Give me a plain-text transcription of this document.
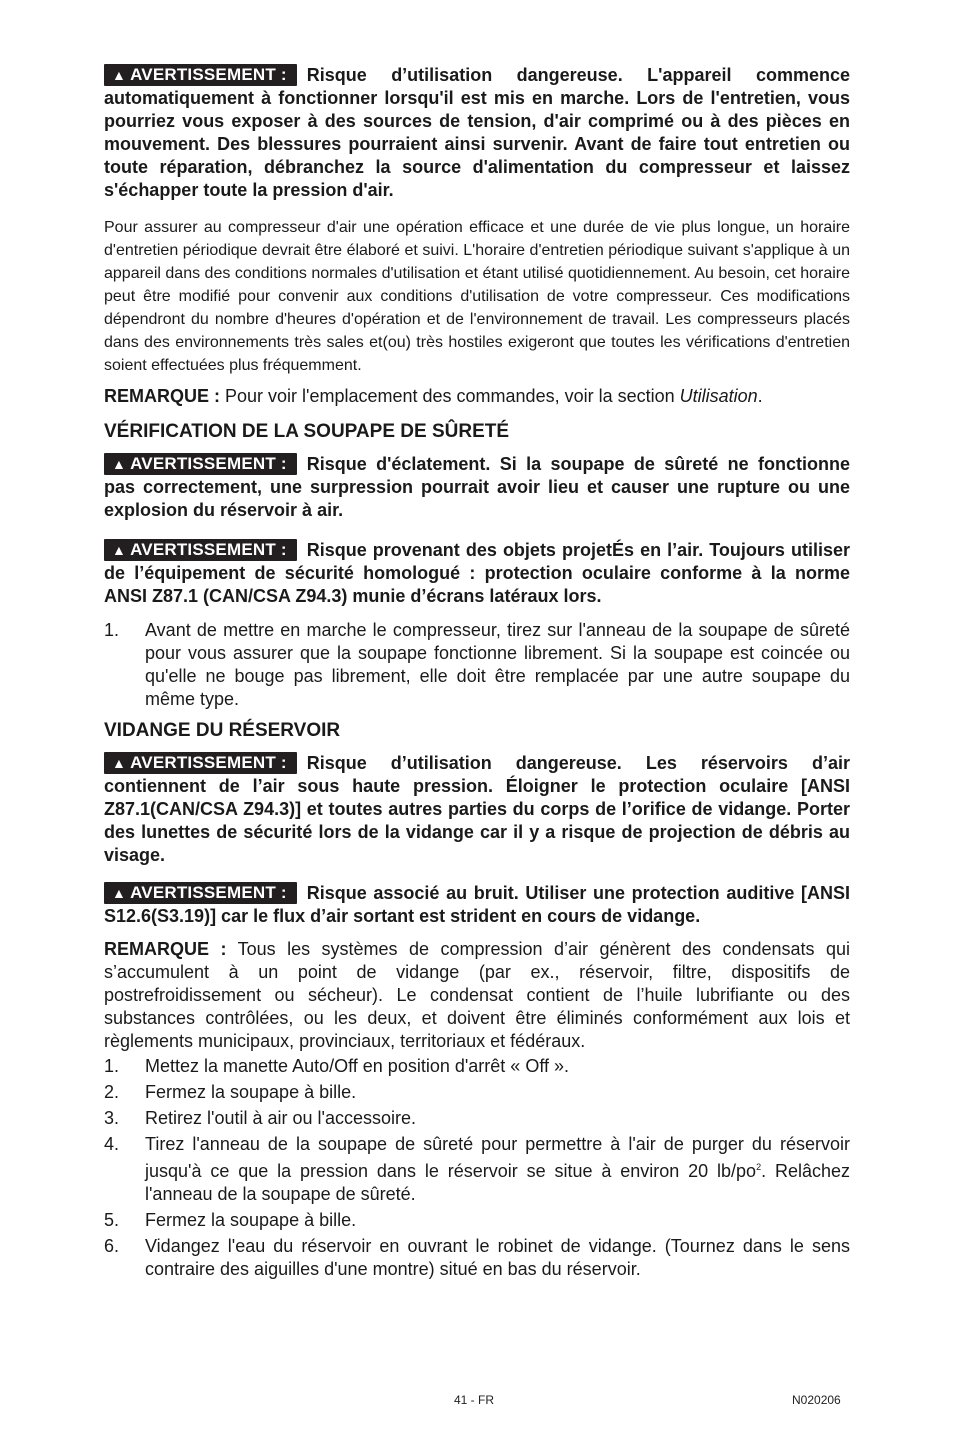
▲ AVERTISSEMENT : Risque d’utilisation dangereuse. L'appareil commence automatiquement à fonctionner lorsqu'il est mis en marche. Lors de l'entretien, vous pourriez vous exposer à des sources de tension, d'air comprimé ou à des pièces en mouvement. Des blessures pourraient ainsi survenir. Avant de faire tout entretien ou toute réparation, débranchez la source d'alimentation du compresseur et laissez s'échapper toute la pression d'air.

Pour assurer au compresseur d'air une opération efficace et une durée de vie plus longue, un horaire d'entretien périodique devrait être élaboré et suivi. L'horaire d'entretien périodique suivant s'applique à un appareil dans des conditions normales d'utilisation et étant utilisé quotidiennement. Au besoin, cet horaire peut être modifié pour convenir aux conditions d'utilisation de votre compresseur. Ces modifications dépendront du nombre d'heures d'opération et de l'environnement de travail. Les compresseurs placés dans des environnements très sales et(ou) très hostiles exigeront que toutes les vérifications d'entretien soient effectuées plus fréquemment.

REMARQUE : Pour voir l'emplacement des commandes, voir la section Utilisation.

VÉRIFICATION DE LA SOUPAPE DE SÛRETÉ

▲ AVERTISSEMENT : Risque d'éclatement. Si la soupape de sûreté ne fonctionne pas correctement, une surpression pourrait avoir lieu et causer une rupture ou une explosion du réservoir à air.

▲ AVERTISSEMENT : Risque provenant des objets projetÉs en l’air. Toujours utiliser de l’équipement de sécurité homologué : protection oculaire conforme à la norme ANSI Z87.1 (CAN/CSA Z94.3) munie d’écrans latéraux lors.

1.	Avant de mettre en marche le compresseur, tirez sur l'anneau de la soupape de sûreté pour vous assurer que la soupape fonctionne librement. Si la soupape est coincée ou qu'elle ne bouge pas librement, elle doit être remplacée par une autre soupape du même type.
VIDANGE DU RÉSERVOIR

▲ AVERTISSEMENT : Risque d’utilisation dangereuse. Les réservoirs d’air contiennent de l’air sous haute pression. Éloigner le protection oculaire [ANSI Z87.1(CAN/CSA Z94.3)] et toutes autres parties du corps de l’orifice de vidange. Porter des lunettes de sécurité lors de la vidange car il y a risque de projection de débris au visage.

▲ AVERTISSEMENT : Risque associé au bruit. Utiliser une protection auditive [ANSI S12.6(S3.19)] car le flux d’air sortant est strident en cours de vidange.

REMARQUE : Tous les systèmes de compression d’air génèrent des condensats qui s’accumulent à un point de vidange (par ex., réservoir, filtre, dispositifs de postrefroidissement ou sécheur). Le condensat contient de l’huile lubrifiante ou des substances contrôlées, ou les deux, et doivent être éliminés conformément aux lois et règlements municipaux, provinciaux, territoriaux et fédéraux.

1.	Mettez la manette Auto/Off en position d'arrêt « Off ».
2.	Fermez la soupape à bille.
3.	Retirez l'outil à air ou l'accessoire.
4.	Tirez l'anneau de la soupape de sûreté pour permettre à l'air de purger du réservoir jusqu'à ce que la pression dans le réservoir se situe à environ 20 $lb/po^2$. Relâchez l'anneau de la soupape de sûreté.
5.	Fermez la soupape à bille.
6.	Vidangez l'eau du réservoir en ouvrant le robinet de vidange. (Tournez dans le sens contraire des aiguilles d'une montre) situé en bas du réservoir.
41 - FR	N020206
